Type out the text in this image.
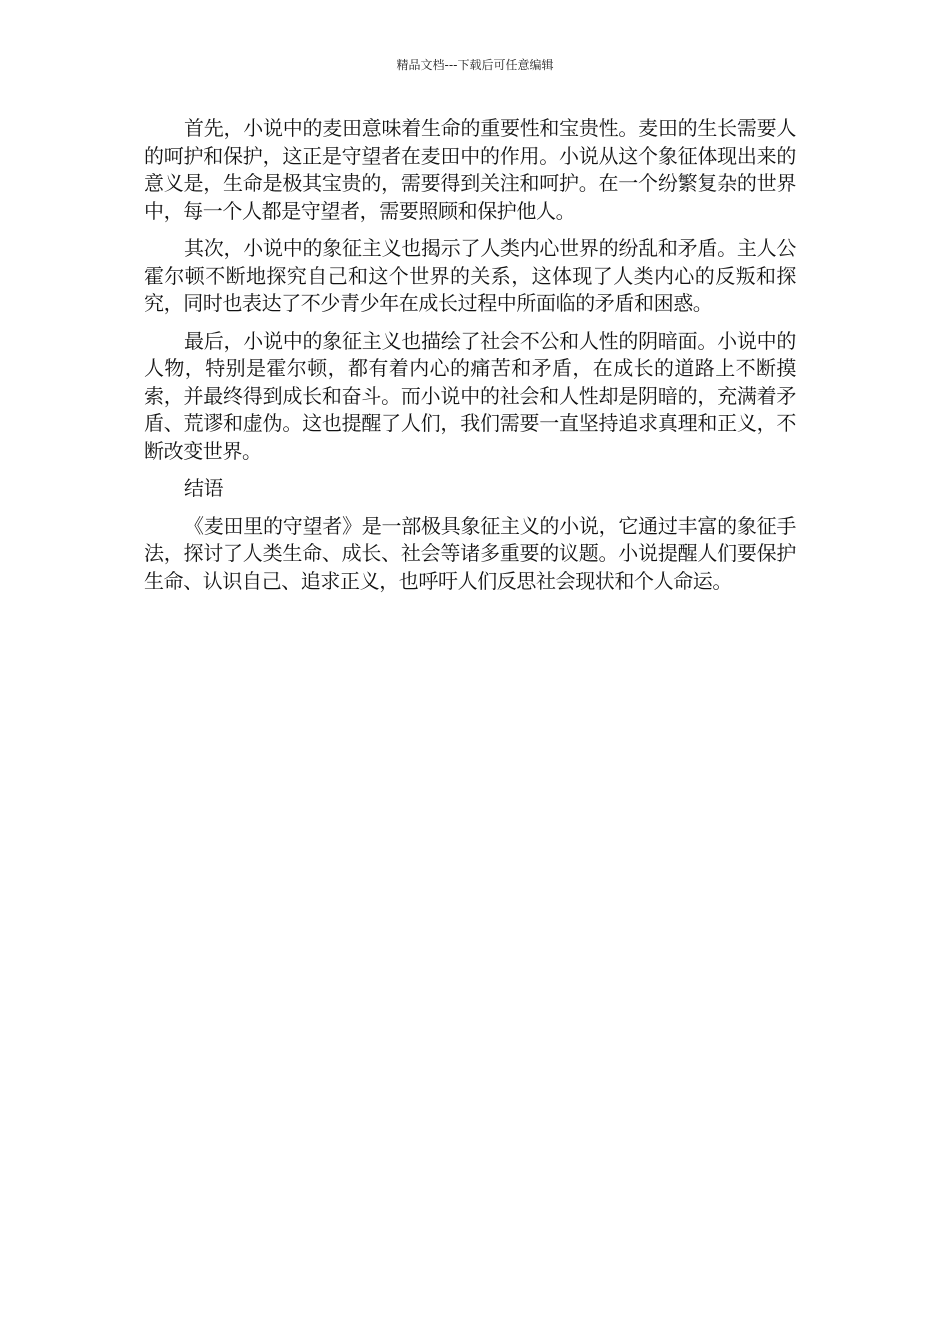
精品文档---下载后可任意编辑

首先，小说中的麦田意味着生命的重要性和宝贵性。麦田的生长需要人的呵护和保护，这正是守望者在麦田中的作用。小说从这个象征体现出来的意义是，生命是极其宝贵的，需要得到关注和呵护。在一个纷繁复杂的世界中，每一个人都是守望者，需要照顾和保护他人。

其次，小说中的象征主义也揭示了人类内心世界的纷乱和矛盾。主人公霍尔顿不断地探究自己和这个世界的关系，这体现了人类内心的反叛和探究，同时也表达了不少青少年在成长过程中所面临的矛盾和困惑。

最后，小说中的象征主义也描绘了社会不公和人性的阴暗面。小说中的人物，特别是霍尔顿，都有着内心的痛苦和矛盾，在成长的道路上不断摸索，并最终得到成长和奋斗。而小说中的社会和人性却是阴暗的，充满着矛盾、荒谬和虚伪。这也提醒了人们，我们需要一直坚持追求真理和正义，不断改变世界。

结语

《麦田里的守望者》是一部极具象征主义的小说，它通过丰富的象征手法，探讨了人类生命、成长、社会等诸多重要的议题。小说提醒人们要保护生命、认识自己、追求正义，也呼吁人们反思社会现状和个人命运。
